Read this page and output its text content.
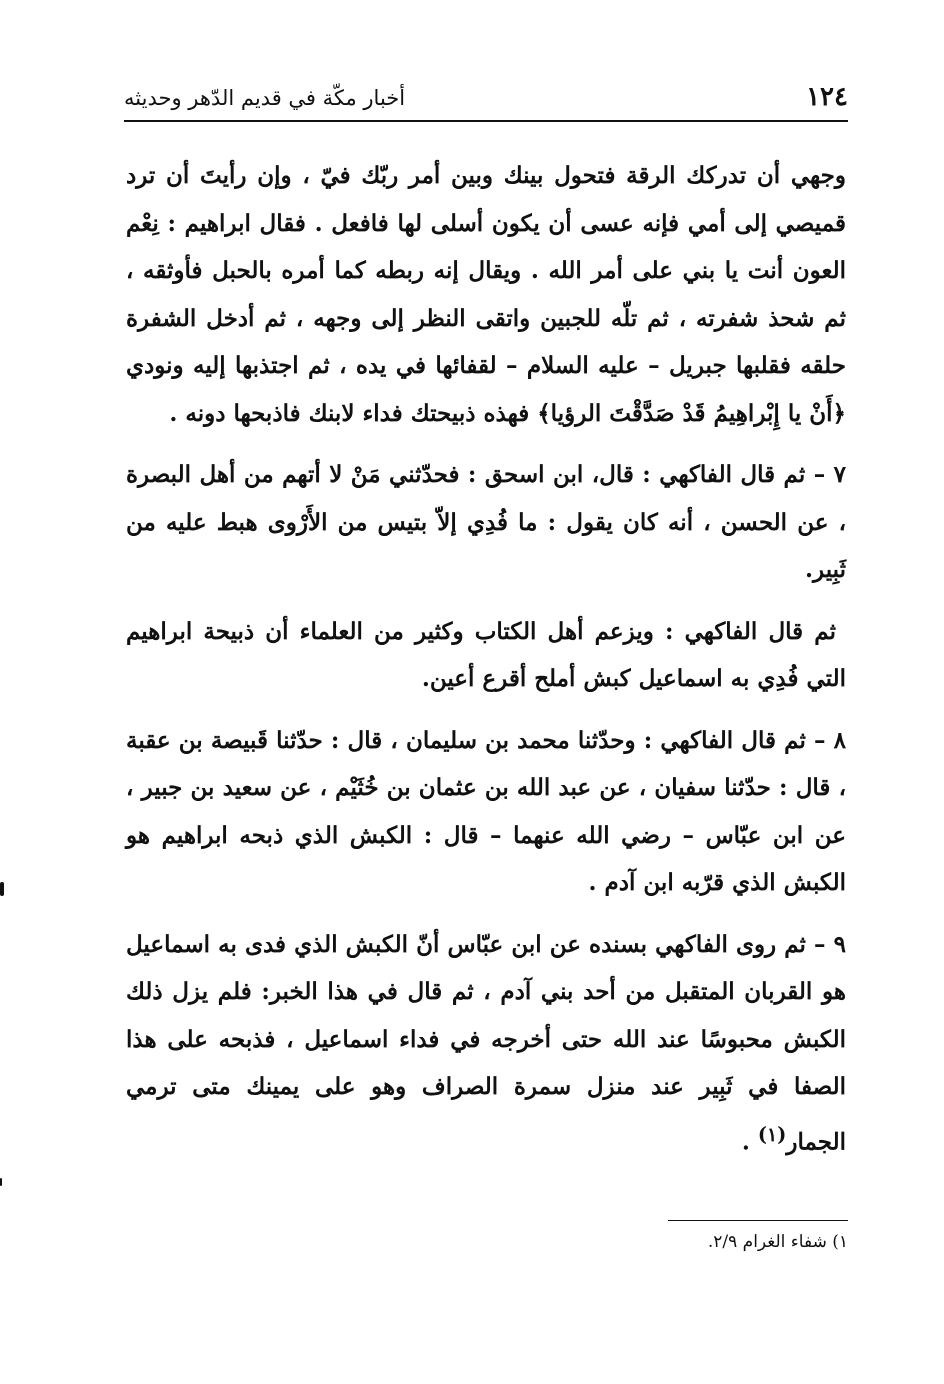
١٢٤
أخبار مكّة في قديم الدّهر وحديثه

وجهي أن تدركك الرقة فتحول بينك وبين أمر ربّك فيّ ، وإن رأيتَ أن ترد قميصي إلى أمي فإنه عسى أن يكون أسلى لها فافعل . فقال ابراهيم : نِعْم العون أنت يا بني على أمر الله . ويقال إنه ربطه كما أمره بالحبل فأوثقه ، ثم شحذ شفرته ، ثم تلّه للجبين واتقى النظر إلى وجهه ، ثم أدخل الشفرة حلقه فقلبها جبريل – عليه السلام – لقفائها في يده ، ثم اجتذبها إليه ونودي ﴿أَنْ يا إِبْراهِيمُ قَدْ صَدَّقْتَ الرؤيا﴾ فهذه ذبيحتك فداء لابنك فاذبحها دونه .

٧ – ثم قال الفاكهي : قال، ابن اسحق : فحدّثني مَنْ لا أتهم من أهل البصرة ، عن الحسن ، أنه كان يقول : ما فُدِي إلاّ بتيس من الأَرْوى هبط عليه من ثَبِير.

ثم قال الفاكهي : ويزعم أهل الكتاب وكثير من العلماء أن ذبيحة ابراهيم التي فُدِي به اسماعيل كبش أملح أقرع أعين.

٨ – ثم قال الفاكهي : وحدّثنا محمد بن سليمان ، قال : حدّثنا قَبيصة بن عقبة ، قال : حدّثنا سفيان ، عن عبد الله بن عثمان بن خُثَيْم ، عن سعيد بن جبير ، عن ابن عبّاس – رضي الله عنهما – قال : الكبش الذي ذبحه ابراهيم هو الكبش الذي قرّبه ابن آدم .

٩ – ثم روى الفاكهي بسنده عن ابن عبّاس أنّ الكبش الذي فدى به اسماعيل هو القربان المتقبل من أحد بني آدم ، ثم قال في هذا الخبر: فلم يزل ذلك الكبش محبوسًا عند الله حتى أخرجه في فداء اسماعيل ، فذبحه على هذا الصفا في ثَبِير عند منزل سمرة الصراف وهو على يمينك متى ترمي الجمار$^{(١)}$ .

١) شفاء الغرام ٢/٩.
